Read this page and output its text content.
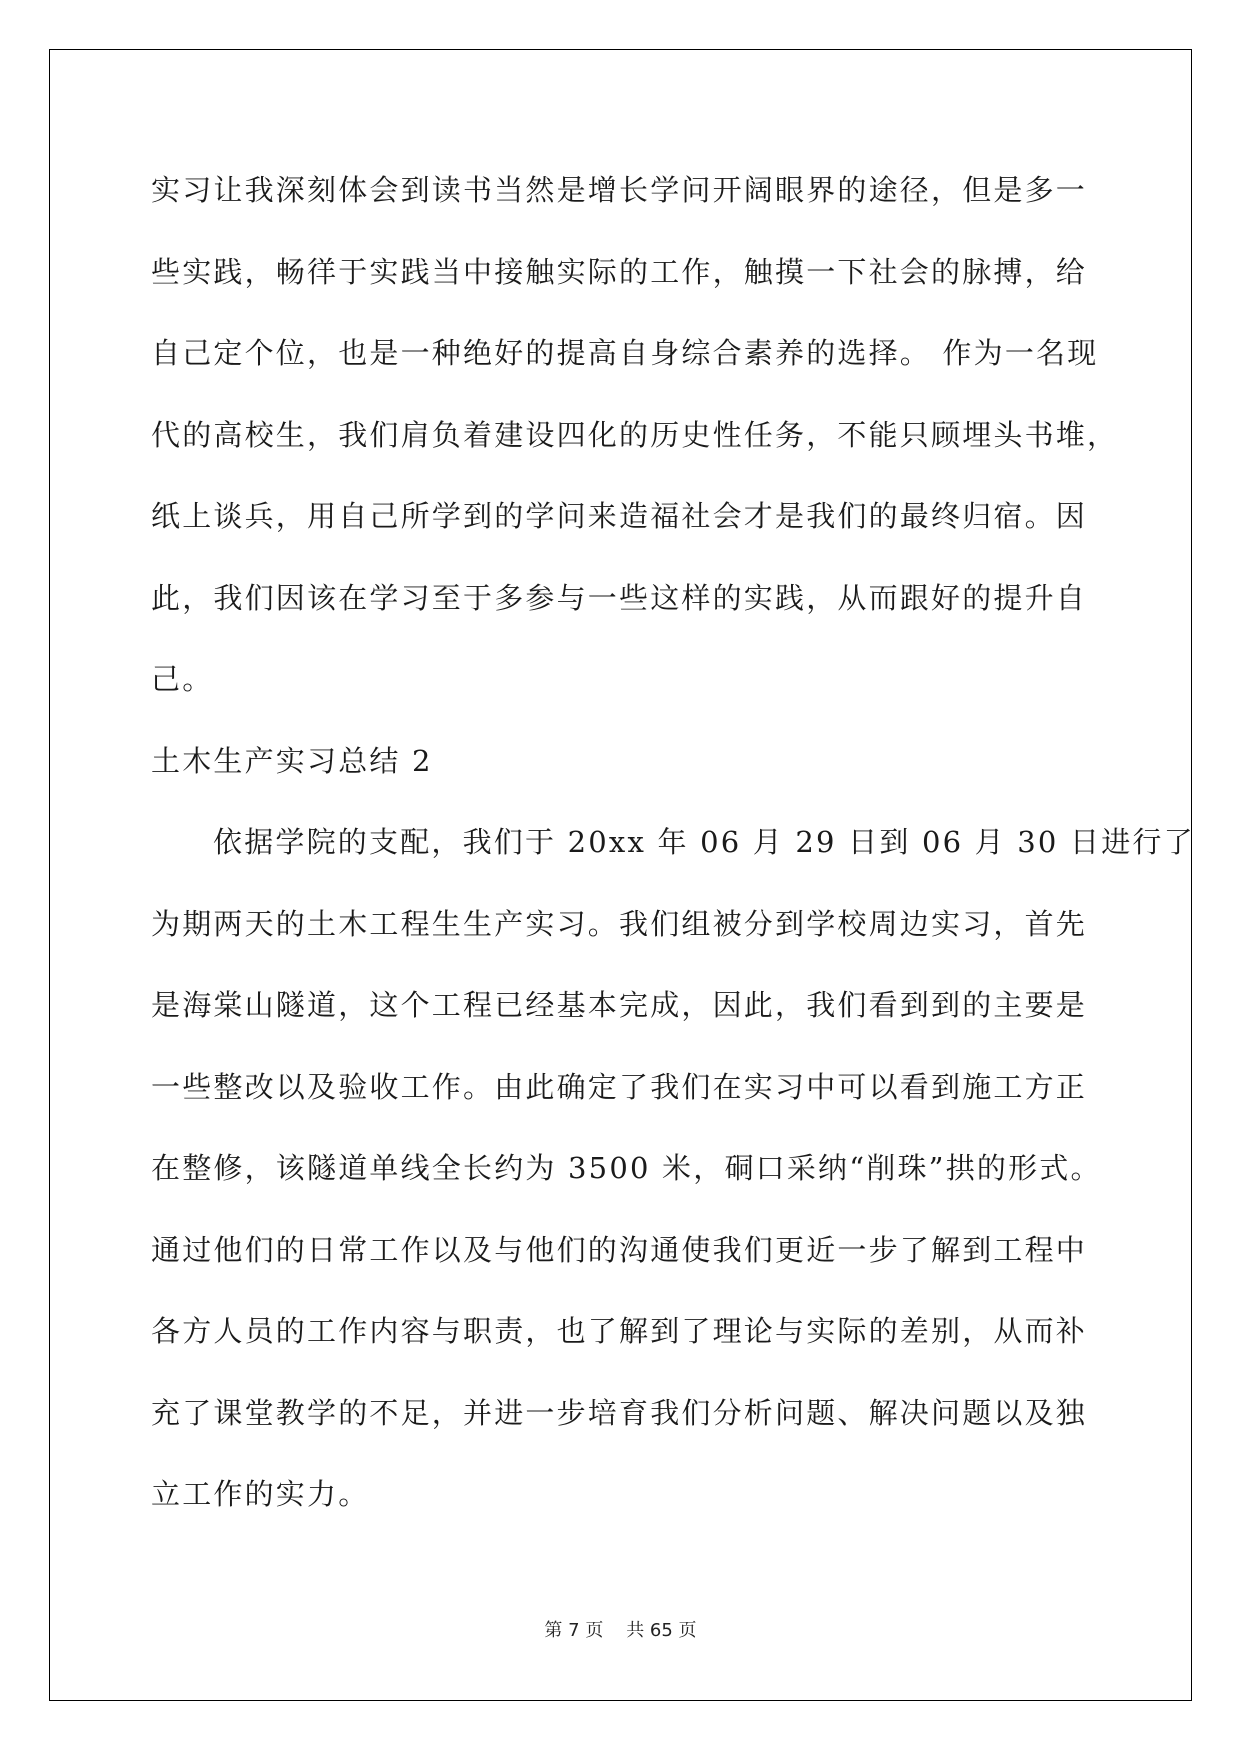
实习让我深刻体会到读书当然是增长学问开阔眼界的途径，但是多一
些实践，畅徉于实践当中接触实际的工作，触摸一下社会的脉搏，给
自己定个位，也是一种绝好的提高自身综合素养的选择。 作为一名现
代的高校生，我们肩负着建设四化的历史性任务，不能只顾埋头书堆，
纸上谈兵，用自己所学到的学问来造福社会才是我们的最终归宿。因
此，我们因该在学习至于多参与一些这样的实践，从而跟好的提升自
己。
土木生产实习总结 2
依据学院的支配，我们于 20xx 年 06 月 29 日到 06 月 30 日进行了
为期两天的土木工程生生产实习。我们组被分到学校周边实习，首先
是海棠山隧道，这个工程已经基本完成，因此，我们看到到的主要是
一些整改以及验收工作。由此确定了我们在实习中可以看到施工方正
在整修，该隧道单线全长约为 3500 米，硐口采纳“削珠”拱的形式。
通过他们的日常工作以及与他们的沟通使我们更近一步了解到工程中
各方人员的工作内容与职责，也了解到了理论与实际的差别，从而补
充了课堂教学的不足，并进一步培育我们分析问题、解决问题以及独
立工作的实力。
第 7 页    共 65 页
